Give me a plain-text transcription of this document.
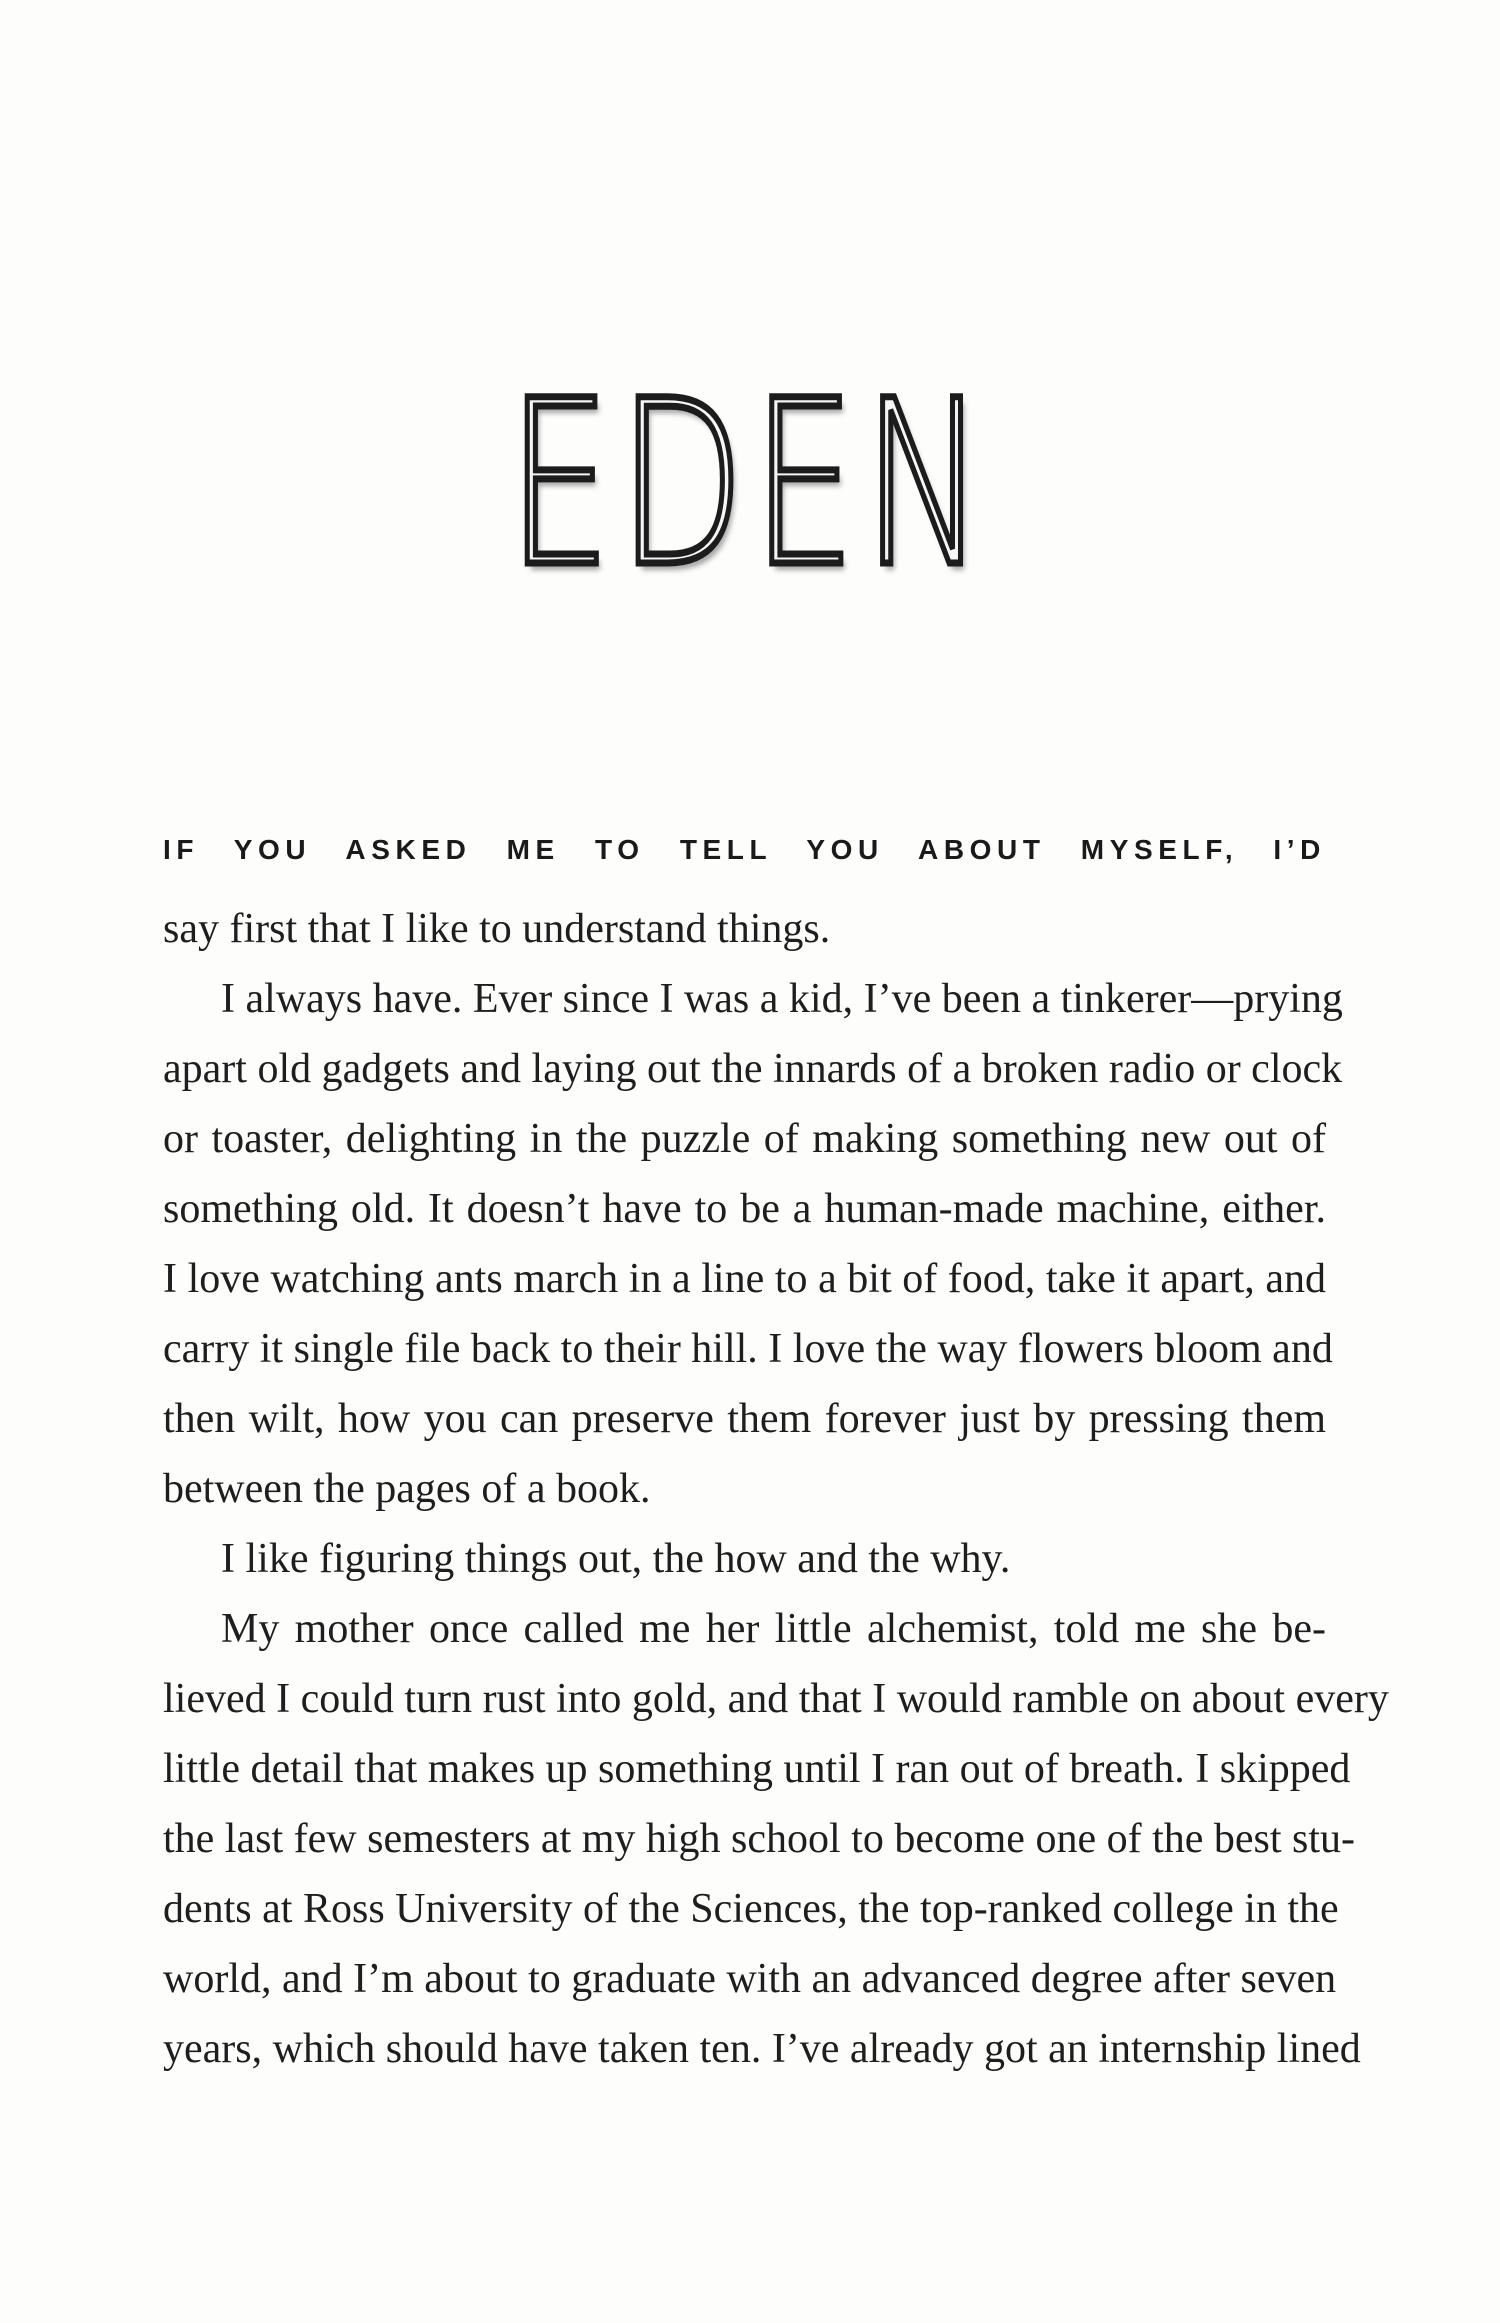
EDEN
IF YOU ASKED ME TO TELL YOU ABOUT MYSELF, I’D
say first that I like to understand things.
I always have. Ever since I was a kid, I’ve been a tinkerer—prying
apart old gadgets and laying out the innards of a broken radio or clock
or toaster, delighting in the puzzle of making something new out of
something old. It doesn’t have to be a human-made machine, either.
I love watching ants march in a line to a bit of food, take it apart, and
carry it single file back to their hill. I love the way flowers bloom and
then wilt, how you can preserve them forever just by pressing them
between the pages of a book.
I like figuring things out, the how and the why.
My mother once called me her little alchemist, told me she be-
lieved I could turn rust into gold, and that I would ramble on about every
little detail that makes up something until I ran out of breath. I skipped
the last few semesters at my high school to become one of the best stu-
dents at Ross University of the Sciences, the top-ranked college in the
world, and I’m about to graduate with an advanced degree after seven
years, which should have taken ten. I’ve already got an internship lined
